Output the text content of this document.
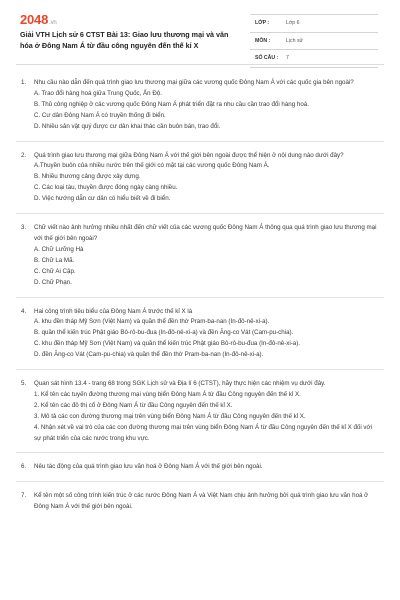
2048.vn
Giải VTH Lịch sử 6 CTST Bài 13: Giao lưu thương mại và văn hóa ở Đông Nam Á từ đầu công nguyên đến thế kỉ X
LỚP :	Lớp 6
MÔN :	Lịch sử
SỐ CÂU : 7
1. Nhu cầu nào dẫn đến quá trình giao lưu thương mại giữa các vương quốc Đông Nam Á với các quốc gia bên ngoài?

A. Trao đổi hàng hoá giữa Trung Quốc, Ấn Độ.

B. Thủ công nghiệp ở các vương quốc Đông Nam Á phát triển đặt ra nhu cầu cần trao đổi hàng hoá.

C. Cư dân Đông Nam Á có truyền thống đi biển.

D. Nhiều sản vật quý được cư dân khai thác cần buôn bán, trao đổi.

2. Quá trình giao lưu thương mại giữa Đông Nam Á với thế giới bên ngoài được thể hiện ở nội dung nào dưới đây?

A.Thuyền buôn của nhiều nước trên thế giới có mặt tại các vương quốc Đông Nam Á.

B. Nhiều thương cảng được xây dựng.

C. Các loại tàu, thuyền được đóng ngày càng nhiều.

D. Việc hướng dẫn cư dân có hiểu biết về đi biển.

3. Chữ viết nào ảnh hưởng nhiều nhất đến chữ viết của các vương quốc Đông Nam Á thông qua quá trình giao lưu thương mại với thế giới bên ngoài?

A. Chữ Lưỡng Hà

B. Chữ La Mã.

C. Chữ Ai Cập.

D. Chữ Phạn.

4. Hai công trình tiêu biểu của Đông Nam Á trước thế kỉ X là

A. khu đền tháp Mỹ Sơn (Việt Nam) và quần thể đền thờ Pram-ba-nan (In-đô-nê-xi-a).

B. quần thể kiến trúc Phật giáo Bô-rô-bu-đua (In-đô-nê-xi-a) và đền Ăng-co Vát (Cam-pu-chia).

C. khu đền tháp Mỹ Sơn (Việt Nam) và quần thể kiến trúc Phật giáo Bô-rô-bu-đua (In-đô-nê-xi-a).

D. đền Ăng-co Vát (Cam-pu-chia) và quần thể đền thờ Pram-ba-nan (In-đô-nê-xi-a).

5. Quan sát hình 13.4 - trang 68 trong SGK Lịch sử và Địa lí 6 (CTST), hãy thực hiện các nhiệm vụ dưới đây.

1. Kể tên các tuyến đường thương mại vùng biển Đông Nam Á từ đầu Công nguyên đến thế kỉ X.

2. Kể tên các đô thị cổ ở Đông Nam Á từ đầu Công nguyên đến thế kỉ X.

3. Mô tả các con đường thương mại trên vùng biển Đông Nam Á từ đầu Công nguyên đến thế kỉ X.

4. Nhận xét về vai trò của các con đường thương mại trên vùng biển Đông Nam Á từ đầu Công nguyên đến thế kỉ X đối với sự phát triển của các nước trong khu vực.

6. Nêu tác động của quá trình giao lưu văn hoá ở Đông Nam Á với thế giới bên ngoài.

7. Kể tên một số công trình kiến trúc ở các nước Đông Nam Á và Việt Nam chịu ảnh hưởng bởi quá trình giao lưu văn hoá ở Đông Nam Á với thế giới bên ngoài.
